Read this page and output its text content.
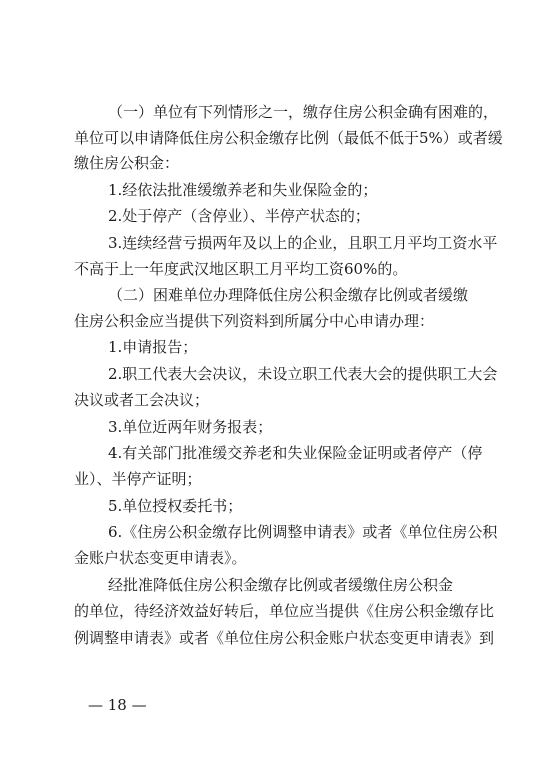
（一）单位有下列情形之一，缴存住房公积金确有困难的，
单位可以申请降低住房公积金缴存比例（最低不低于5%）或者缓
缴住房公积金：
1.经依法批准缓缴养老和失业保险金的；
2.处于停产（含停业）、半停产状态的；
3.连续经营亏损两年及以上的企业，且职工月平均工资水平
不高于上一年度武汉地区职工月平均工资60%的。
（二）困难单位办理降低住房公积金缴存比例或者缓缴
住房公积金应当提供下列资料到所属分中心申请办理：
1.申请报告；
2.职工代表大会决议，未设立职工代表大会的提供职工大会
决议或者工会决议；
3.单位近两年财务报表；
4.有关部门批准缓交养老和失业保险金证明或者停产（停
业）、半停产证明；
5.单位授权委托书；
6.《住房公积金缴存比例调整申请表》或者《单位住房公积
金账户状态变更申请表》。
经批准降低住房公积金缴存比例或者缓缴住房公积金
的单位，待经济效益好转后，单位应当提供《住房公积金缴存比
例调整申请表》或者《单位住房公积金账户状态变更申请表》到
— 18 —
